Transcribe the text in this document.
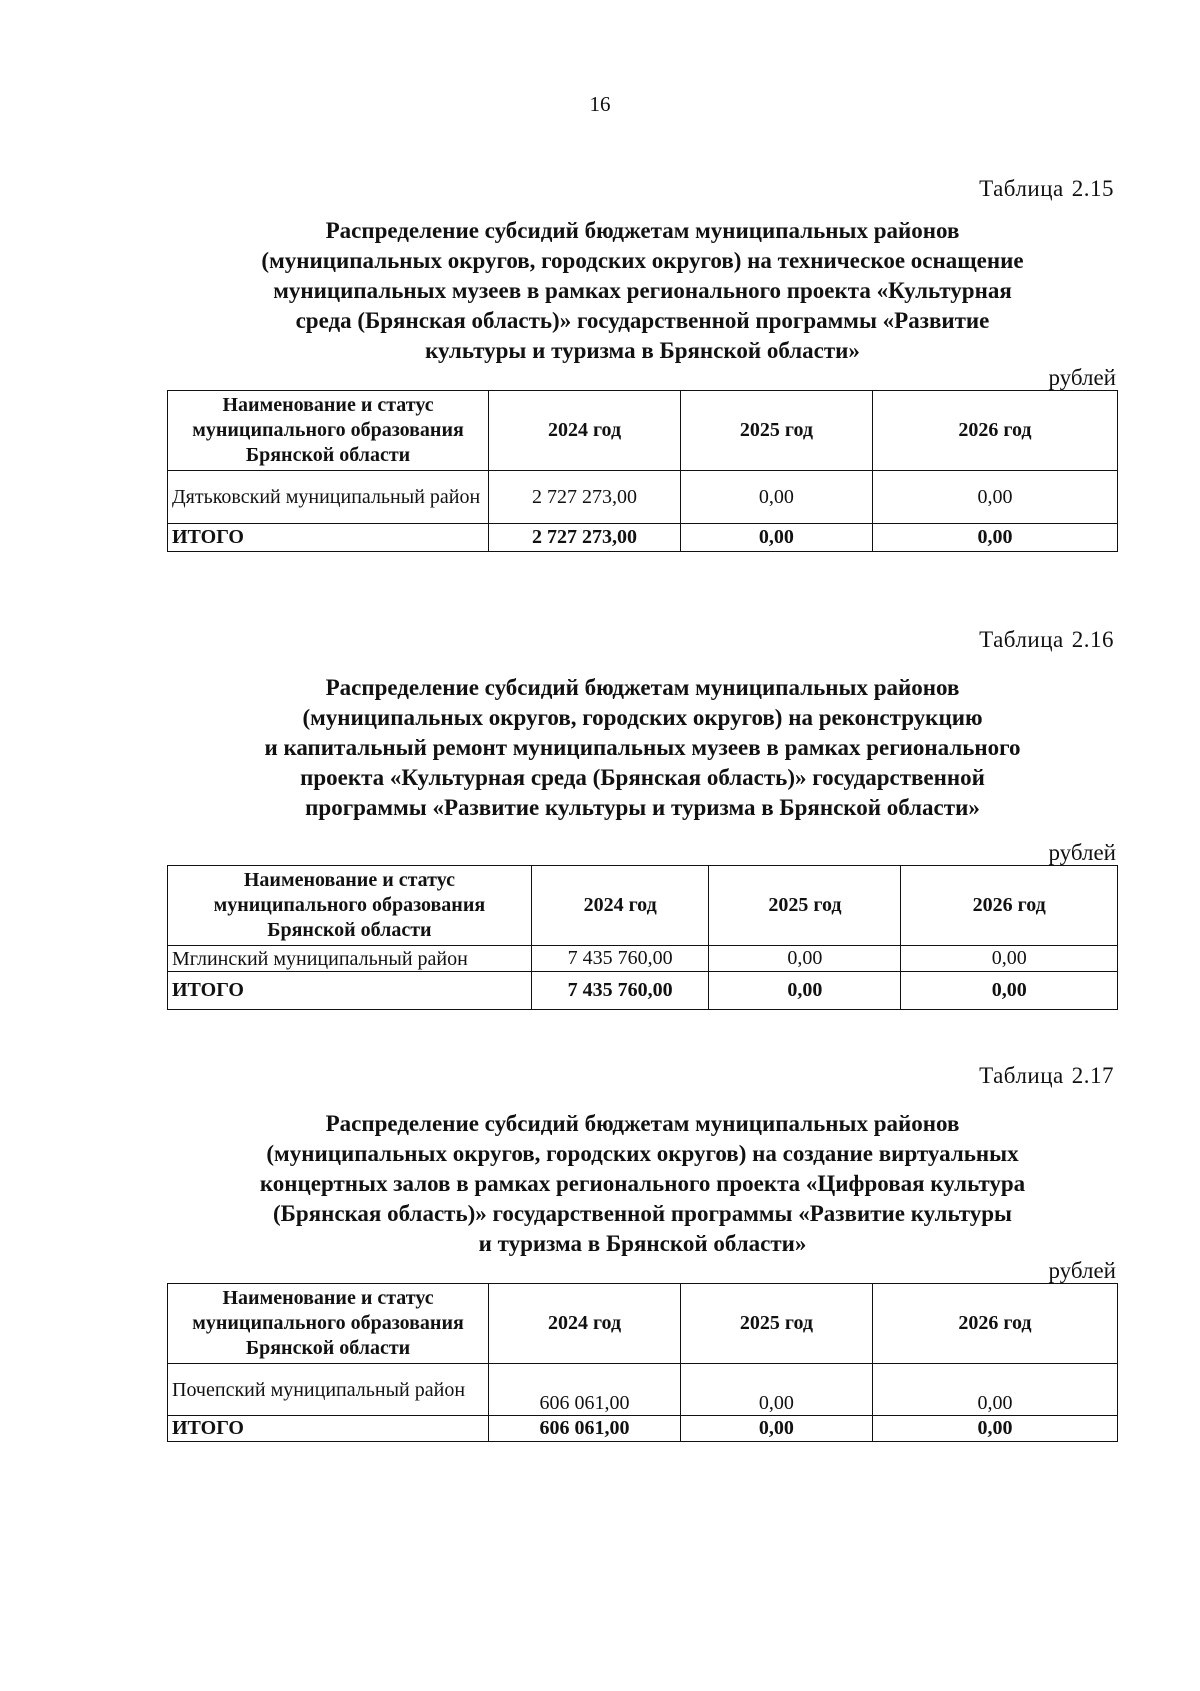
16
Таблица 2.15
Распределение субсидий бюджетам муниципальных районов
(муниципальных округов, городских округов) на техническое оснащение
муниципальных музеев в рамках регионального проекта «Культурная
среда (Брянская область)» государственной программы «Развитие
культуры и туризма в Брянской области»
рублей
Наименование и статус муниципального образования Брянской области	2024 год	2025 год	2026 год
Дятьковский муниципальный район	2 727 273,00	0,00	0,00
ИТОГО	2 727 273,00	0,00	0,00
Таблица 2.16
Распределение субсидий бюджетам муниципальных районов
(муниципальных округов, городских округов) на реконструкцию
и капитальный ремонт муниципальных музеев в рамках регионального
проекта «Культурная среда (Брянская область)» государственной
программы «Развитие культуры и туризма в Брянской области»
рублей
Наименование и статус муниципального образования Брянской области	2024 год	2025 год	2026 год
Мглинский муниципальный район	7 435 760,00	0,00	0,00
ИТОГО	7 435 760,00	0,00	0,00
Таблица 2.17
Распределение субсидий бюджетам муниципальных районов
(муниципальных округов, городских округов) на создание виртуальных
концертных залов в рамках регионального проекта «Цифровая культура
(Брянская область)» государственной программы «Развитие культуры
и туризма в Брянской области»
рублей
Наименование и статус муниципального образования Брянской области	2024 год	2025 год	2026 год
Почепский муниципальный район	606 061,00	0,00	0,00
ИТОГО	606 061,00	0,00	0,00
